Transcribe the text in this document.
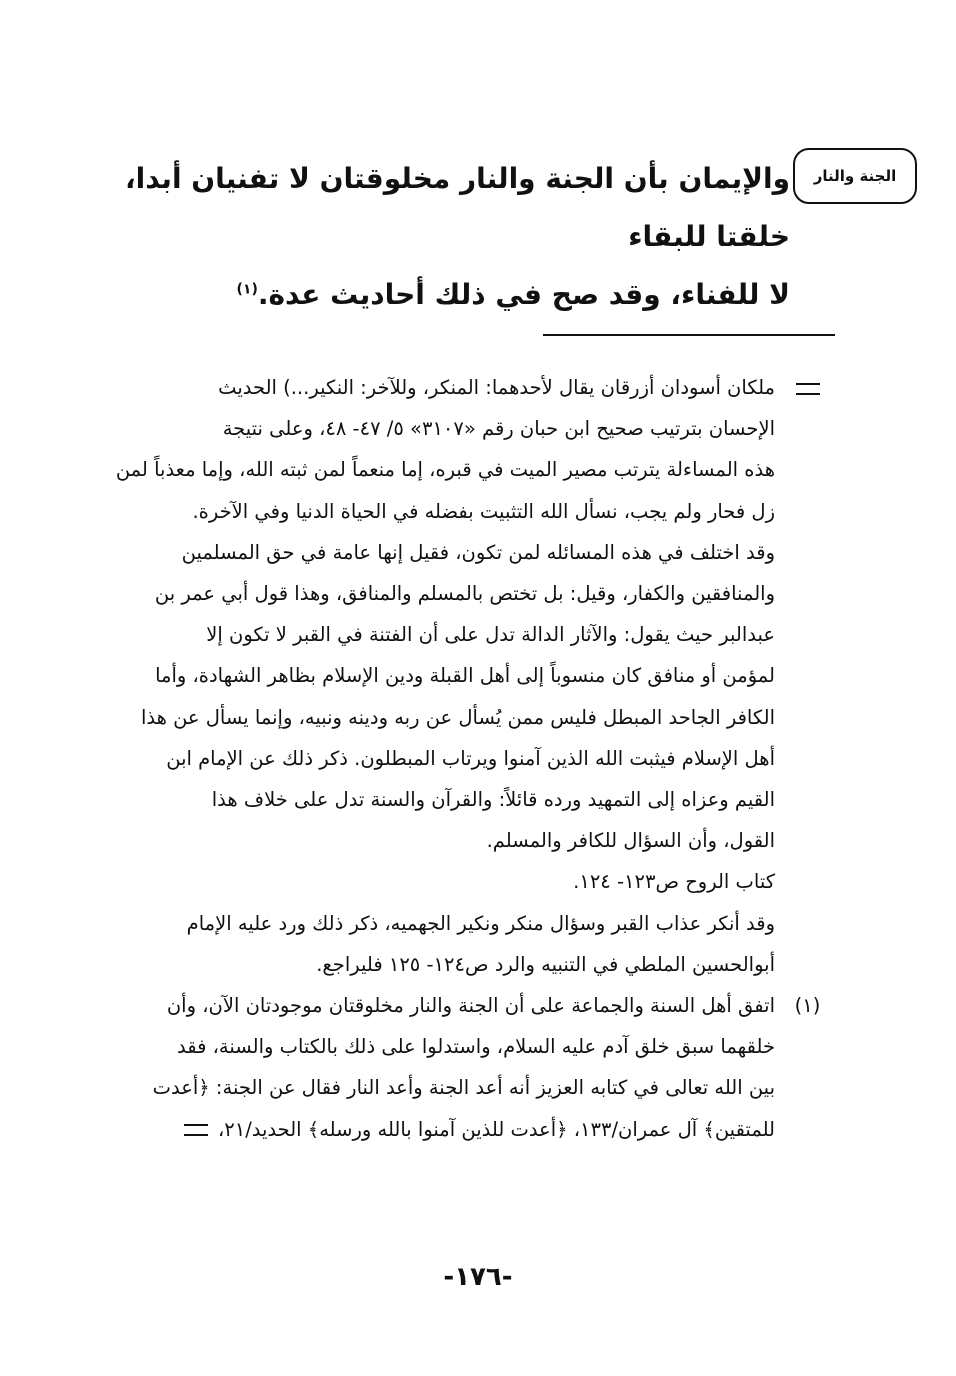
الجنة والنار

والإيمان بأن الجنة والنار مخلوقتان لا تفنيان أبدا، خلقتا للبقاء

لا للفناء، وقد صح في ذلك أحاديث عدة.$^{(١)}$

ملكان أسودان أزرقان يقال لأحدهما: المنكر، وللآخر: النكير...) الحديث

الإحسان بترتيب صحيح ابن حبان رقم «٣١٠٧» ٥/ ٤٧- ٤٨، وعلى نتيجة

هذه المساءلة يترتب مصير الميت في قبره، إما منعماً لمن ثبته الله، وإما معذباً لمن

زل فحار ولم يجب، نسأل الله التثبيت بفضله في الحياة الدنيا وفي الآخرة.

وقد اختلف في هذه المسائله لمن تكون، فقيل إنها عامة في حق المسلمين

والمنافقين والكفار، وقيل: بل تختص بالمسلم والمنافق، وهذا قول أبي عمر بن

عبدالبر حيث يقول: والآثار الدالة تدل على أن الفتنة في القبر لا تكون إلا

لمؤمن أو منافق كان منسوباً إلى أهل القبلة ودين الإسلام بظاهر الشهادة، وأما

الكافر الجاحد المبطل فليس ممن يُسأل عن ربه ودينه ونبيه، وإنما يسأل عن هذا

أهل الإسلام فيثبت الله الذين آمنوا ويرتاب المبطلون. ذكر ذلك عن الإمام ابن

القيم وعزاه إلى التمهيد ورده قائلاً: والقرآن والسنة تدل على خلاف هذا

القول، وأن السؤال للكافر والمسلم.

كتاب الروح ص١٢٣- ١٢٤.

وقد أنكر عذاب القبر وسؤال منكر ونكير الجهميه، ذكر ذلك ورد عليه الإمام

أبوالحسين الملطي في التنبيه والرد ص١٢٤- ١٢٥ فليراجع.

(١)اتفق أهل السنة والجماعة على أن الجنة والنار مخلوقتان موجودتان الآن، وأن

خلقهما سبق خلق آدم عليه السلام، واستدلوا على ذلك بالكتاب والسنة، فقد

بين الله تعالى في كتابه العزيز أنه أعد الجنة وأعد النار فقال عن الجنة: ﴿أعدت

للمتقين﴾ آل عمران/١٣٣، ﴿أعدت للذين آمنوا بالله ورسله﴾ الحديد/٢١،

-١٧٦-
